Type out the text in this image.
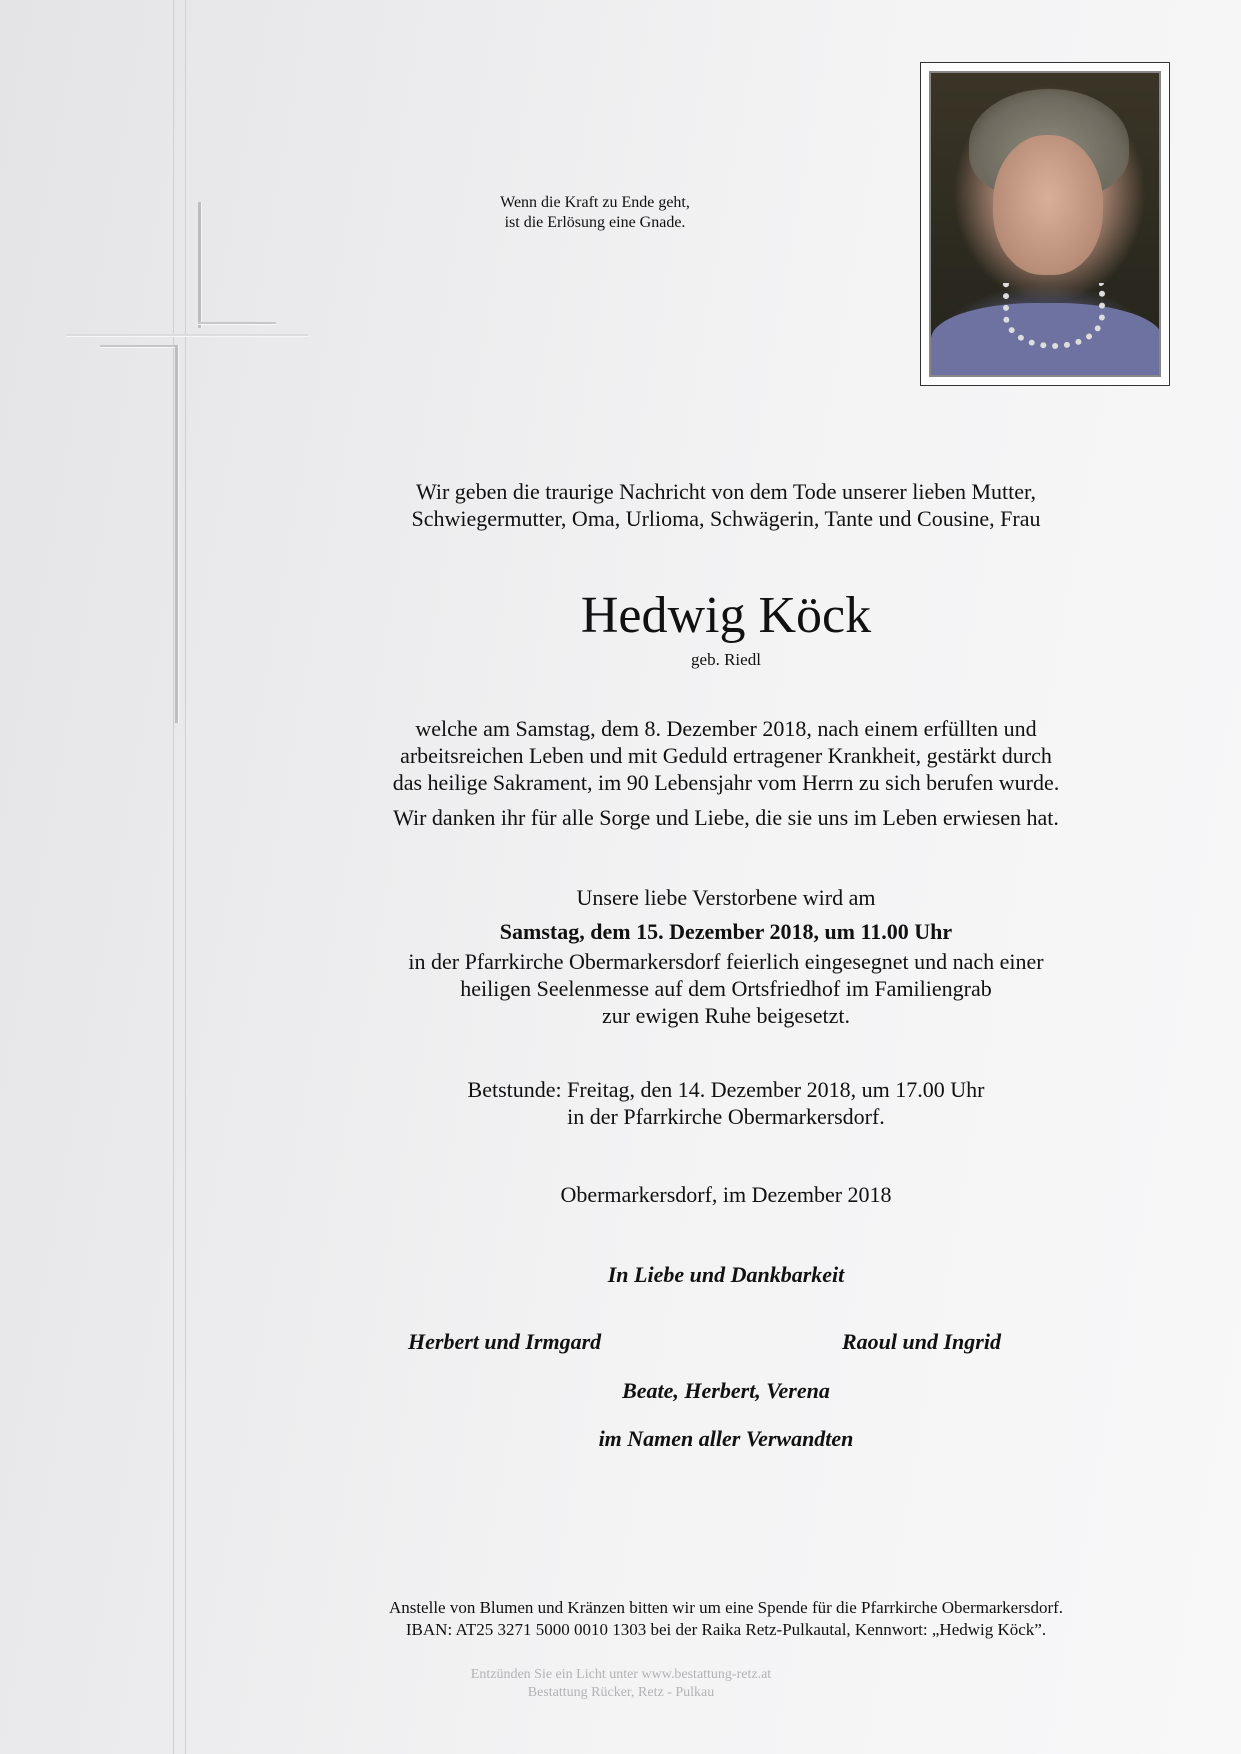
Wenn die Kraft zu Ende geht,
ist die Erlösung eine Gnade.
Wir geben die traurige Nachricht von dem Tode unserer lieben Mutter,
Schwiegermutter, Oma, Urlioma, Schwägerin, Tante und Cousine, Frau
Hedwig Köck
geb. Riedl
welche am Samstag, dem 8. Dezember 2018, nach einem erfüllten und
arbeitsreichen Leben und mit Geduld ertragener Krankheit, gestärkt durch
das heilige Sakrament, im 90 Lebensjahr vom Herrn zu sich berufen wurde.
Wir danken ihr für alle Sorge und Liebe, die sie uns im Leben erwiesen hat.
Unsere liebe Verstorbene wird am
Samstag, dem 15. Dezember 2018, um 11.00 Uhr
in der Pfarrkirche Obermarkersdorf feierlich eingesegnet und nach einer
heiligen Seelenmesse auf dem Ortsfriedhof im Familiengrab
zur ewigen Ruhe beigesetzt.
Betstunde: Freitag, den 14. Dezember 2018, um 17.00 Uhr
in der Pfarrkirche Obermarkersdorf.
Obermarkersdorf, im Dezember 2018
In Liebe und Dankbarkeit
Herbert und Irmgard	Raoul und Ingrid
Beate, Herbert, Verena
im Namen aller Verwandten
Anstelle von Blumen und Kränzen bitten wir um eine Spende für die Pfarrkirche Obermarkersdorf.
IBAN: AT25 3271 5000 0010 1303 bei der Raika Retz-Pulkautal, Kennwort: „Hedwig Köck”.
Entzünden Sie ein Licht unter www.bestattung-retz.at
Bestattung Rücker, Retz - Pulkau
